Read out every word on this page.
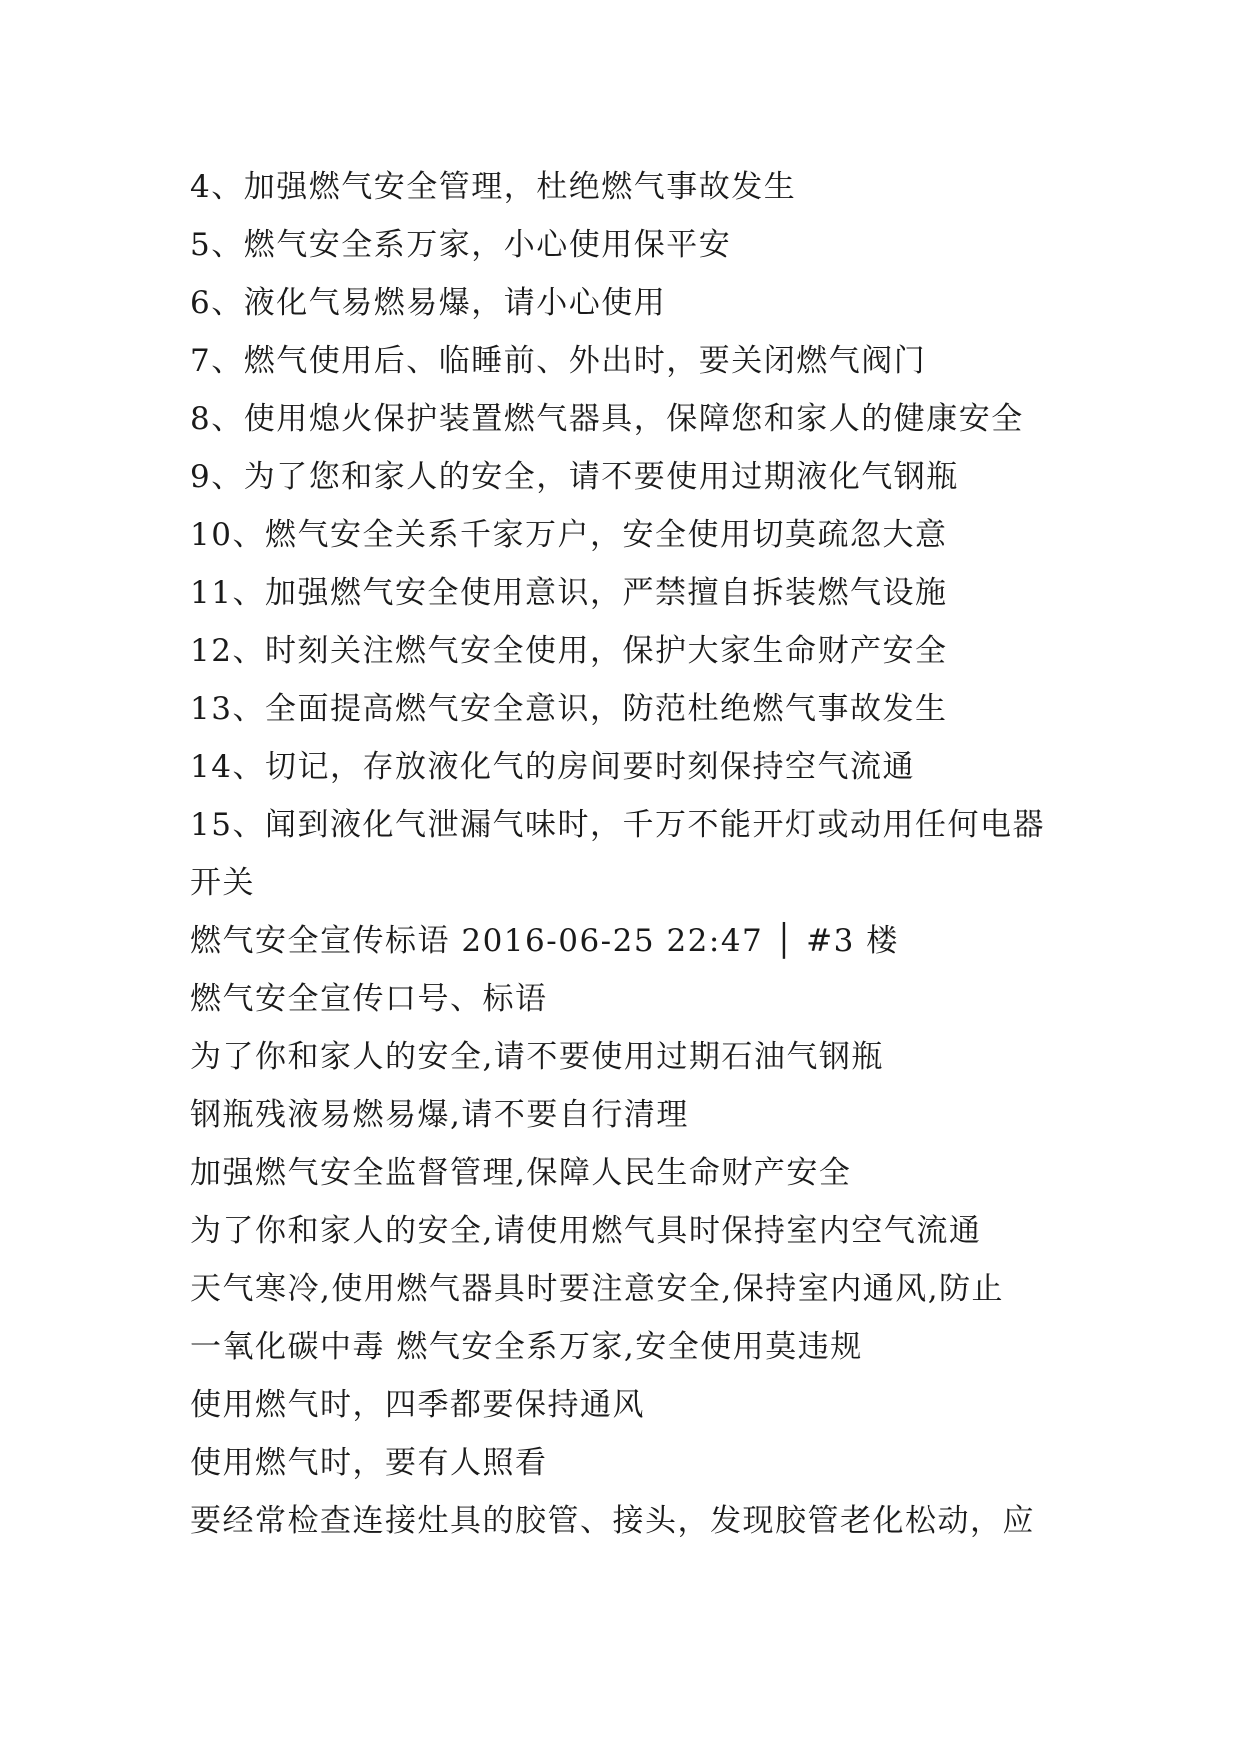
4、加强燃气安全管理，杜绝燃气事故发生
5、燃气安全系万家，小心使用保平安
6、液化气易燃易爆，请小心使用
7、燃气使用后、临睡前、外出时，要关闭燃气阀门
8、使用熄火保护装置燃气器具，保障您和家人的健康安全
9、为了您和家人的安全，请不要使用过期液化气钢瓶
10、燃气安全关系千家万户，安全使用切莫疏忽大意
11、加强燃气安全使用意识，严禁擅自拆装燃气设施
12、时刻关注燃气安全使用，保护大家生命财产安全
13、全面提高燃气安全意识，防范杜绝燃气事故发生
14、切记，存放液化气的房间要时刻保持空气流通
15、闻到液化气泄漏气味时，千万不能开灯或动用任何电器
开关
燃气安全宣传标语 2016-06-25 22:47 │ #3 楼
燃气安全宣传口号、标语
为了你和家人的安全,请不要使用过期石油气钢瓶
钢瓶残液易燃易爆,请不要自行清理
加强燃气安全监督管理,保障人民生命财产安全
为了你和家人的安全,请使用燃气具时保持室内空气流通
天气寒冷,使用燃气器具时要注意安全,保持室内通风,防止
一氧化碳中毒 燃气安全系万家,安全使用莫违规
使用燃气时，四季都要保持通风
使用燃气时，要有人照看
要经常检查连接灶具的胶管、接头，发现胶管老化松动，应
